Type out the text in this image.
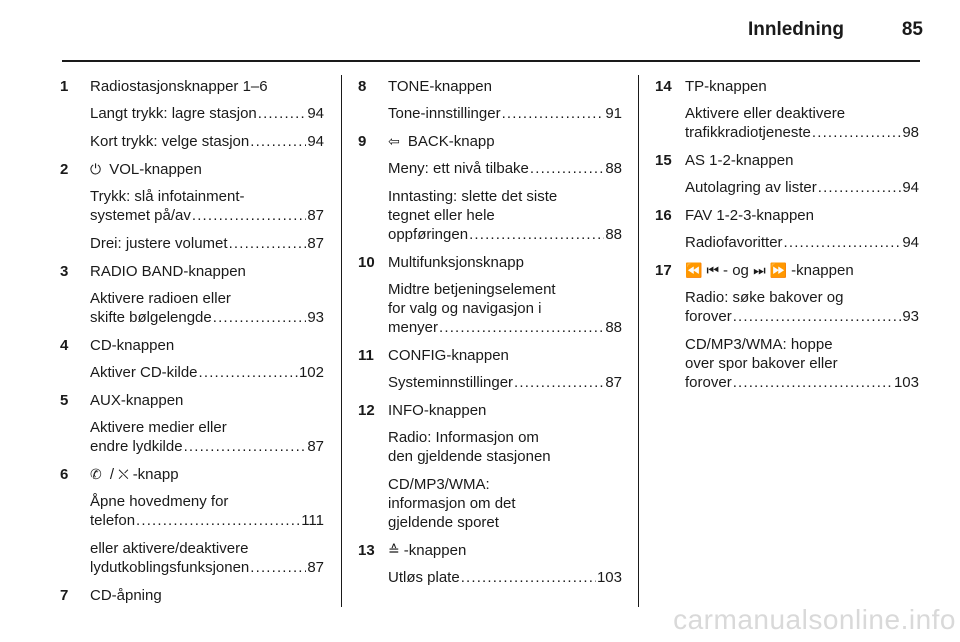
Innledning	85
1 Radiostasjonsknapper 1–6
Langt trykk: lagre stasjon . . .	94
Kort trykk: velge stasjon . . .	94
2 ⏻ VOL-knappen
Trykk: slå infotainment-
systemet på/av . . .	87
Drei: justere volumet . . .	87
3 RADIO BAND-knappen
Aktivere radioen eller
skifte bølgelengde . . .	93
4 CD-knappen
Aktiver CD-kilde . . .	102
5 AUX-knappen
Aktivere medier eller
endre lydkilde . . .	87
6 ✆ / ⛌ -knapp
Åpne hovedmeny for
telefon . . .	111
eller aktivere/deaktivere
lydutkoblingsfunksjonen . . .	87
7 CD-åpning
8 TONE-knappen
Tone-innstillinger . . .	91
9 ⇦ BACK-knapp
Meny: ett nivå tilbake . . .	88
Inntasting: slette det siste
tegnet eller hele
oppføringen . . .	88
10 Multifunksjonsknapp
Midtre betjeningselement
for valg og navigasjon i
menyer . . .	88
11 CONFIG-knappen
Systeminnstillinger . . .	87
12 INFO-knappen
Radio: Informasjon om
den gjeldende stasjonen
CD/MP3/WMA:
informasjon om det
gjeldende sporet
13 ≙ -knappen
Utløs plate . . .	103
14 TP-knappen
Aktivere eller deaktivere
trafikkradiotjeneste . . .	98
15 AS 1-2-knappen
Autolagring av lister . . .	94
16 FAV 1-2-3-knappen
Radiofavoritter . . .	94
17 ⏪ ⏮ - og ⏭ ⏩ -knappen
Radio: søke bakover og
forover . . .	93
CD/MP3/WMA: hoppe
over spor bakover eller
forover . . .	103
carmanualsonline.info
